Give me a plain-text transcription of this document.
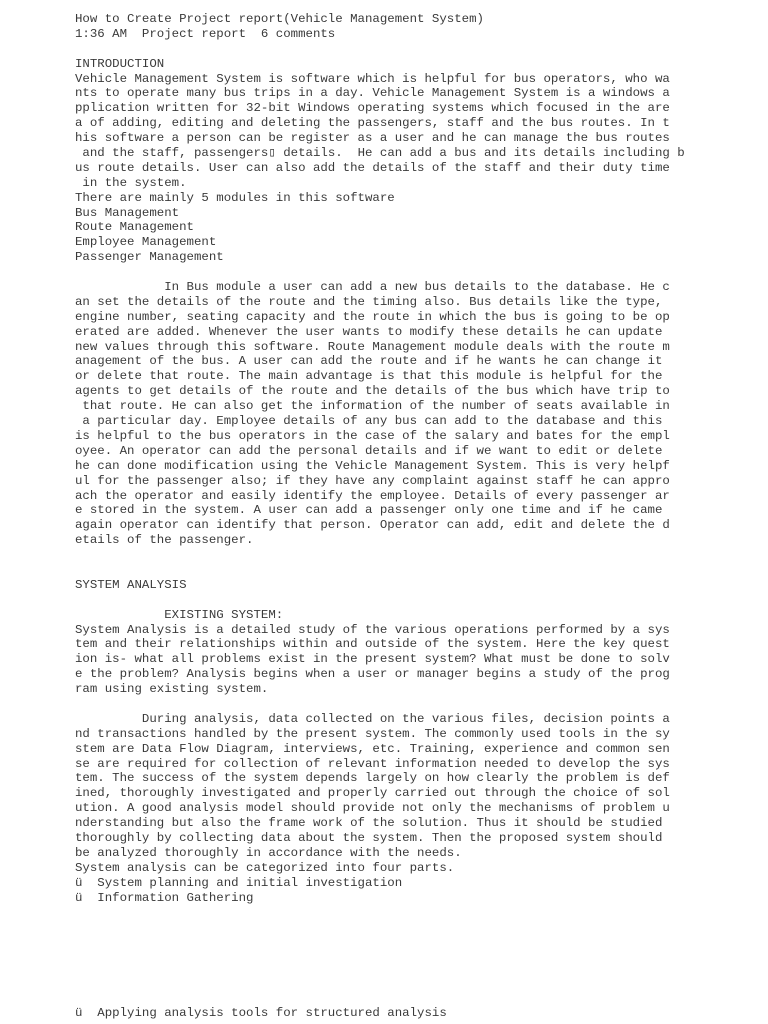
How to Create Project report(Vehicle Management System)
1:36 AM  Project report  6 comments
INTRODUCTION
Vehicle Management System is software which is helpful for bus operators, who wa
nts to operate many bus trips in a day. Vehicle Management System is a windows a
pplication written for 32-bit Windows operating systems which focused in the are
a of adding, editing and deleting the passengers, staff and the bus routes. In t
his software a person can be register as a user and he can manage the bus routes
and the staff, passengers▯ details.  He can add a bus and its details including b
us route details. User can also add the details of the staff and their duty time
in the system.
There are mainly 5 modules in this software
Bus Management
Route Management
Employee Management
Passenger Management
In Bus module a user can add a new bus details to the database. He c
an set the details of the route and the timing also. Bus details like the type,
engine number, seating capacity and the route in which the bus is going to be op
erated are added. Whenever the user wants to modify these details he can update
new values through this software. Route Management module deals with the route m
anagement of the bus. A user can add the route and if he wants he can change it
or delete that route. The main advantage is that this module is helpful for the
agents to get details of the route and the details of the bus which have trip to
that route. He can also get the information of the number of seats available in
a particular day. Employee details of any bus can add to the database and this
is helpful to the bus operators in the case of the salary and bates for the empl
oyee. An operator can add the personal details and if we want to edit or delete
he can done modification using the Vehicle Management System. This is very helpf
ul for the passenger also; if they have any complaint against staff he can appro
ach the operator and easily identify the employee. Details of every passenger ar
e stored in the system. A user can add a passenger only one time and if he came
again operator can identify that person. Operator can add, edit and delete the d
etails of the passenger.
SYSTEM ANALYSIS
EXISTING SYSTEM:
System Analysis is a detailed study of the various operations performed by a sys
tem and their relationships within and outside of the system. Here the key quest
ion is- what all problems exist in the present system? What must be done to solv
e the problem? Analysis begins when a user or manager begins a study of the prog
ram using existing system.
During analysis, data collected on the various files, decision points a
nd transactions handled by the present system. The commonly used tools in the sy
stem are Data Flow Diagram, interviews, etc. Training, experience and common sen
se are required for collection of relevant information needed to develop the sys
tem. The success of the system depends largely on how clearly the problem is def
ined, thoroughly investigated and properly carried out through the choice of sol
ution. A good analysis model should provide not only the mechanisms of problem u
nderstanding but also the frame work of the solution. Thus it should be studied
thoroughly by collecting data about the system. Then the proposed system should
be analyzed thoroughly in accordance with the needs.
System analysis can be categorized into four parts.
ü  System planning and initial investigation
ü  Information Gathering
ü  Applying analysis tools for structured analysis
